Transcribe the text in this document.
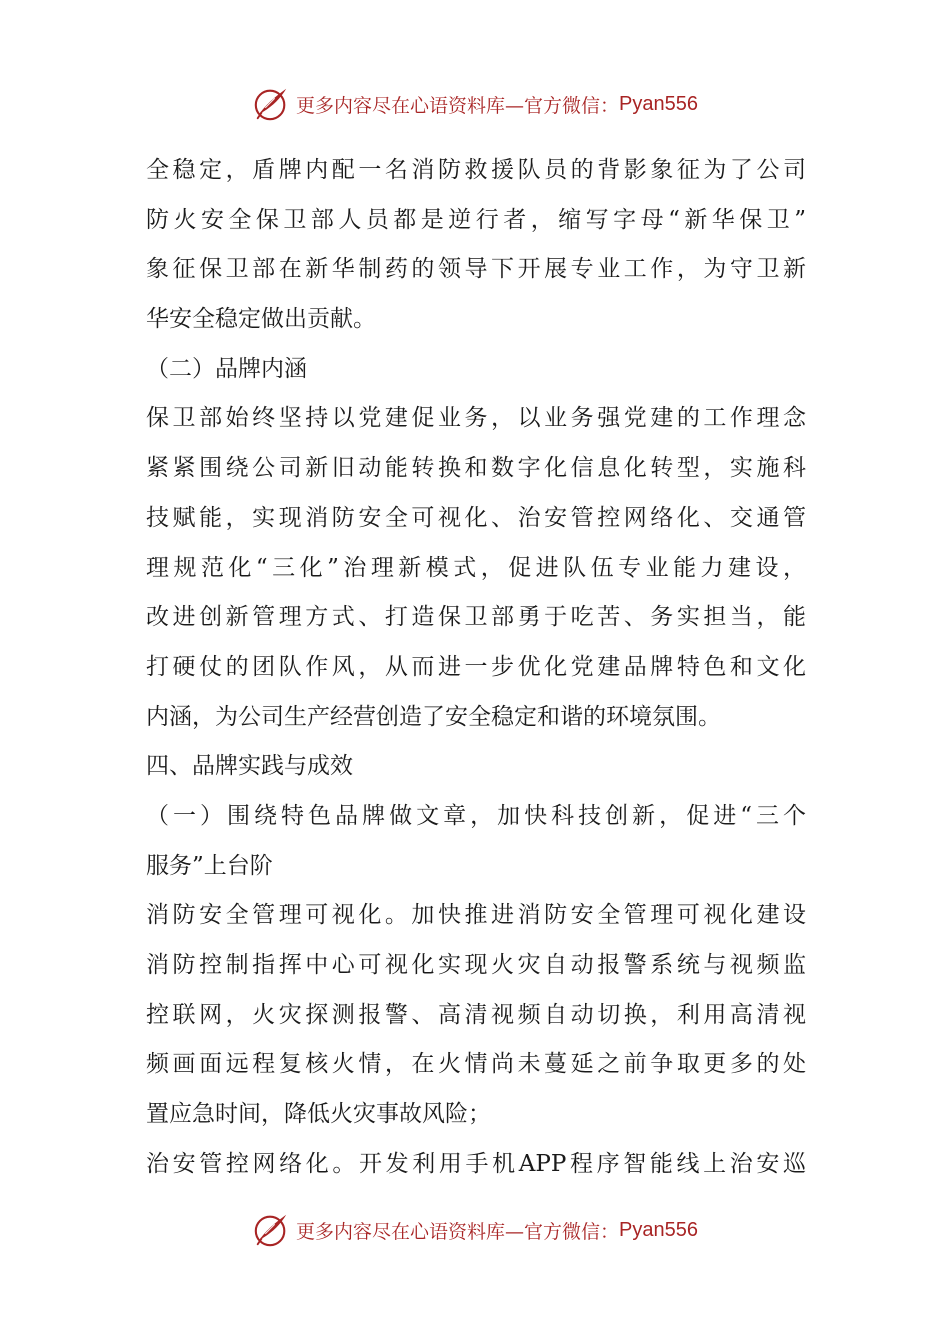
更多内容尽在心语资料库—官方微信： Pyan556
全稳定，盾牌内配一名消防救援队员的背影象征为了公司
防火安全保卫部人员都是逆行者，缩写字母“新华保卫”
象征保卫部在新华制药的领导下开展专业工作，为守卫新
华安全稳定做出贡献。
（二）品牌内涵
保卫部始终坚持以党建促业务，以业务强党建的工作理念
紧紧围绕公司新旧动能转换和数字化信息化转型，实施科
技赋能，实现消防安全可视化、治安管控网络化、交通管
理规范化“三化”治理新模式，促进队伍专业能力建设，
改进创新管理方式、打造保卫部勇于吃苦、务实担当，能
打硬仗的团队作风，从而进一步优化党建品牌特色和文化
内涵，为公司生产经营创造了安全稳定和谐的环境氛围。
四、品牌实践与成效
（一）围绕特色品牌做文章，加快科技创新，促进“三个
服务”上台阶
消防安全管理可视化。加快推进消防安全管理可视化建设
消防控制指挥中心可视化实现火灾自动报警系统与视频监
控联网，火灾探测报警、高清视频自动切换，利用高清视
频画面远程复核火情，在火情尚未蔓延之前争取更多的处
置应急时间，降低火灾事故风险；
治安管控网络化。开发利用手机APP程序智能线上治安巡
更多内容尽在心语资料库—官方微信： Pyan556
